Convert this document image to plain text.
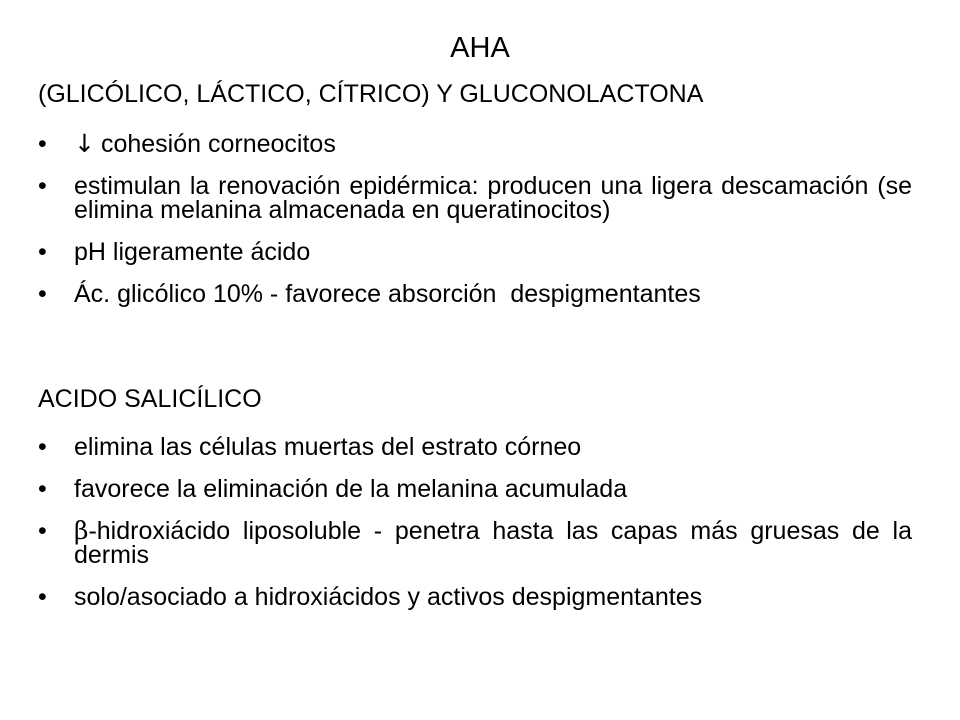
AHA
(GLICÓLICO, LÁCTICO, CÍTRICO) Y GLUCONOLACTONA
•	↓ cohesión corneocitos
•	estimulan la renovación epidérmica: producen una ligera descamación (se elimina melanina almacenada en queratinocitos)
•	pH ligeramente ácido
•	Ác. glicólico 10% - favorece absorción  despigmentantes
ACIDO SALICÍLICO
•	elimina las células muertas del estrato córneo
•	favorece la eliminación de la melanina acumulada
•	β-hidroxiácido liposoluble - penetra hasta las capas más gruesas de la dermis
•	solo/asociado a hidroxiácidos y activos despigmentantes
